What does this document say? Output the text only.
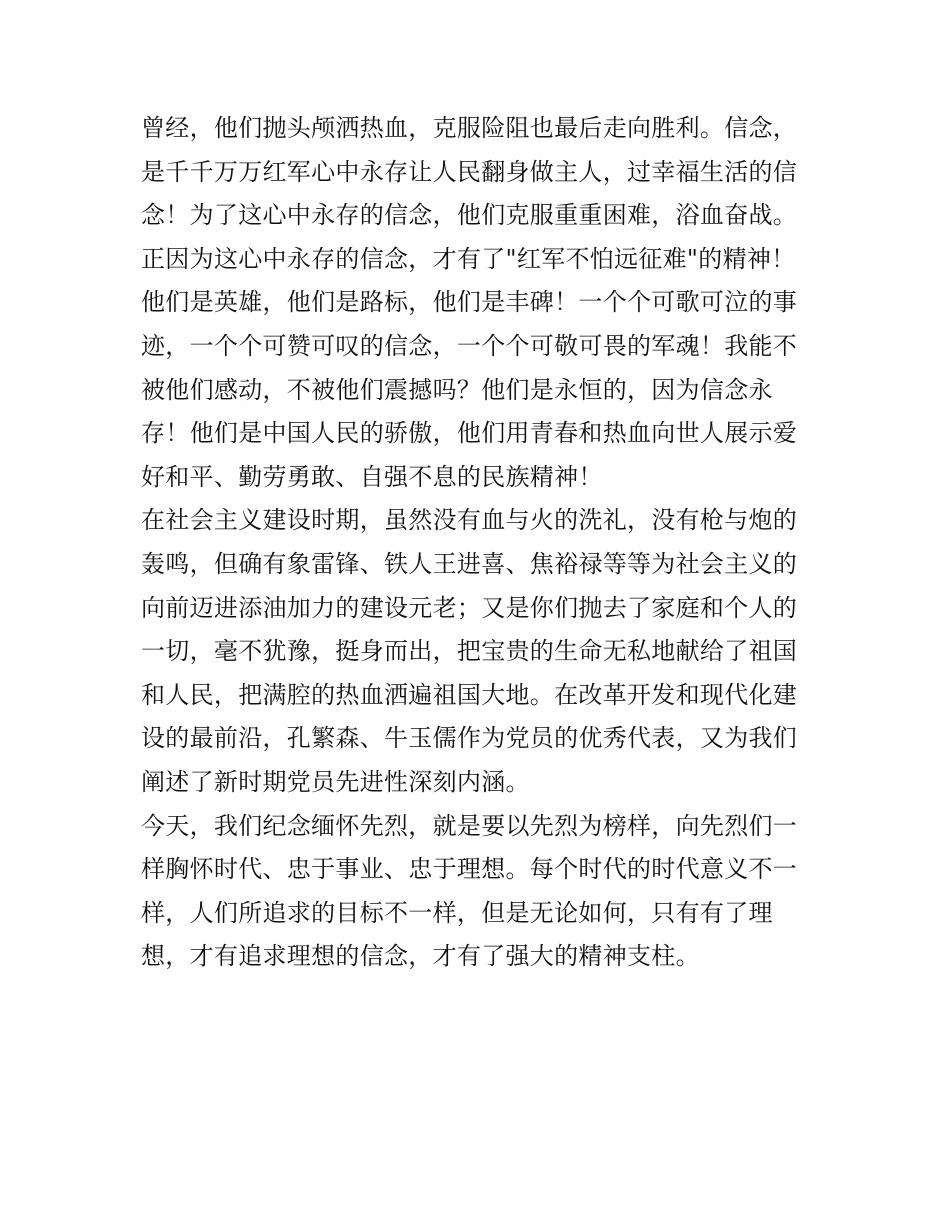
曾经，他们抛头颅洒热血，克服险阻也最后走向胜利。信念，
是千千万万红军心中永存让人民翻身做主人，过幸福生活的信
念！为了这心中永存的信念，他们克服重重困难，浴血奋战。
正因为这心中永存的信念，才有了"红军不怕远征难"的精神！
他们是英雄，他们是路标，他们是丰碑！一个个可歌可泣的事
迹，一个个可赞可叹的信念，一个个可敬可畏的军魂！我能不
被他们感动，不被他们震撼吗？他们是永恒的，因为信念永
存！他们是中国人民的骄傲，他们用青春和热血向世人展示爱
好和平、勤劳勇敢、自强不息的民族精神！
在社会主义建设时期，虽然没有血与火的洗礼，没有枪与炮的
轰鸣，但确有象雷锋、铁人王进喜、焦裕禄等等为社会主义的
向前迈进添油加力的建设元老；又是你们抛去了家庭和个人的
一切，毫不犹豫，挺身而出，把宝贵的生命无私地献给了祖国
和人民，把满腔的热血洒遍祖国大地。在改革开发和现代化建
设的最前沿，孔繁森、牛玉儒作为党员的优秀代表，又为我们
阐述了新时期党员先进性深刻内涵。
今天，我们纪念缅怀先烈，就是要以先烈为榜样，向先烈们一
样胸怀时代、忠于事业、忠于理想。每个时代的时代意义不一
样，人们所追求的目标不一样，但是无论如何，只有有了理
想，才有追求理想的信念，才有了强大的精神支柱。
